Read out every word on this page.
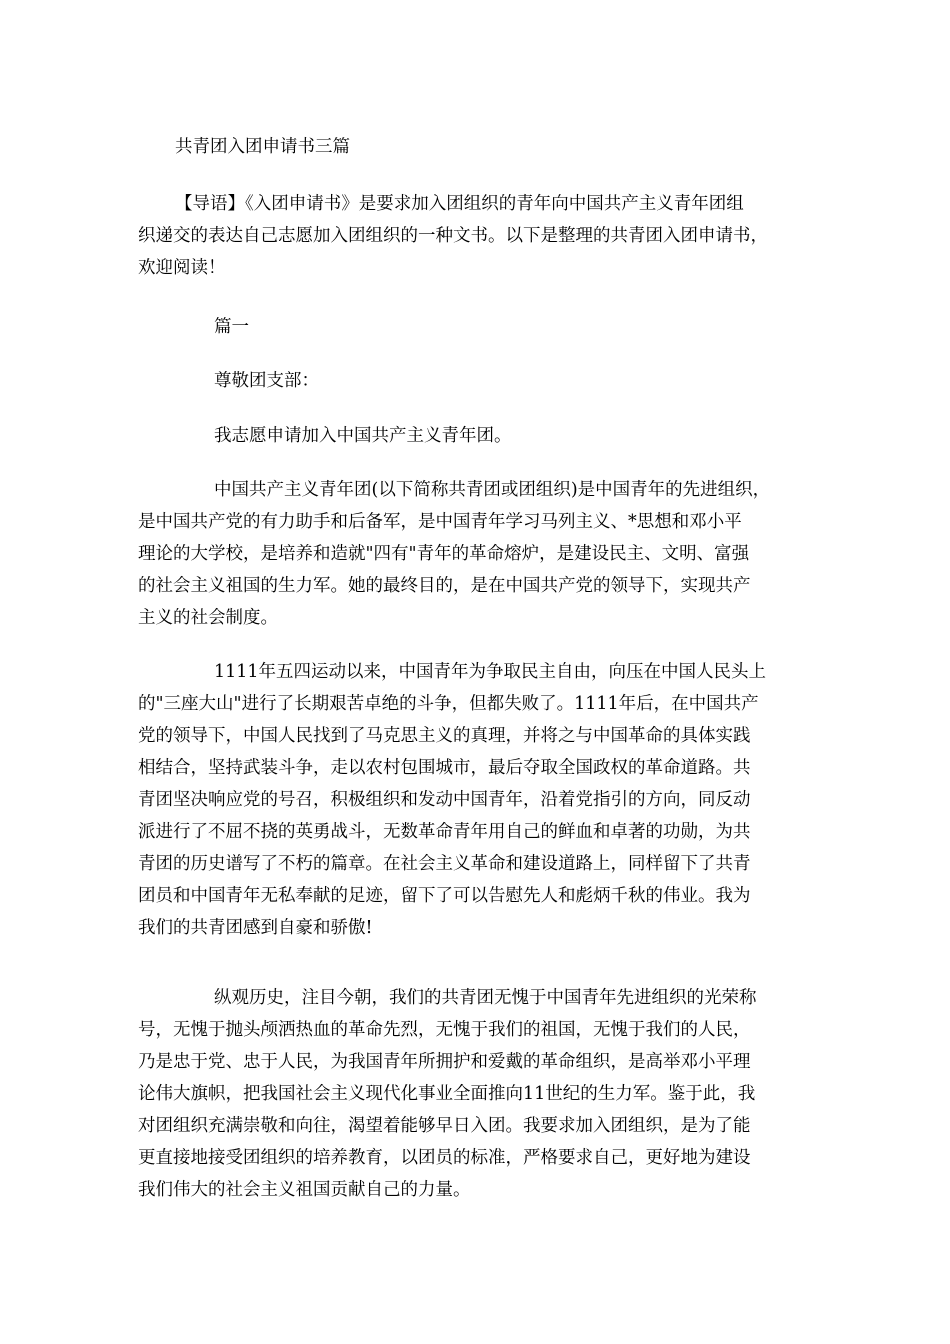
共青团入团申请书三篇
【导语】《入团申请书》是要求加入团组织的青年向中国共产主义青年团组
织递交的表达自己志愿加入团组织的一种文书。以下是整理的共青团入团申请书，
欢迎阅读！
篇一
尊敬团支部：
我志愿申请加入中国共产主义青年团。
中国共产主义青年团(以下简称共青团或团组织)是中国青年的先进组织，
是中国共产党的有力助手和后备军，是中国青年学习马列主义、*思想和邓小平
理论的大学校，是培养和造就"四有"青年的革命熔炉，是建设民主、文明、富强
的社会主义祖国的生力军。她的最终目的，是在中国共产党的领导下，实现共产
主义的社会制度。
1111年五四运动以来，中国青年为争取民主自由，向压在中国人民头上
的"三座大山"进行了长期艰苦卓绝的斗争，但都失败了。1111年后，在中国共产
党的领导下，中国人民找到了马克思主义的真理，并将之与中国革命的具体实践
相结合，坚持武装斗争，走以农村包围城市，最后夺取全国政权的革命道路。共
青团坚决响应党的号召，积极组织和发动中国青年，沿着党指引的方向，同反动
派进行了不屈不挠的英勇战斗，无数革命青年用自己的鲜血和卓著的功勋，为共
青团的历史谱写了不朽的篇章。在社会主义革命和建设道路上，同样留下了共青
团员和中国青年无私奉献的足迹，留下了可以告慰先人和彪炳千秋的伟业。我为
我们的共青团感到自豪和骄傲!
纵观历史，注目今朝，我们的共青团无愧于中国青年先进组织的光荣称
号，无愧于抛头颅洒热血的革命先烈，无愧于我们的祖国，无愧于我们的人民，
乃是忠于党、忠于人民，为我国青年所拥护和爱戴的革命组织，是高举邓小平理
论伟大旗帜，把我国社会主义现代化事业全面推向11世纪的生力军。鉴于此，我
对团组织充满崇敬和向往，渴望着能够早日入团。我要求加入团组织，是为了能
更直接地接受团组织的培养教育，以团员的标准，严格要求自己，更好地为建设
我们伟大的社会主义祖国贡献自己的力量。
